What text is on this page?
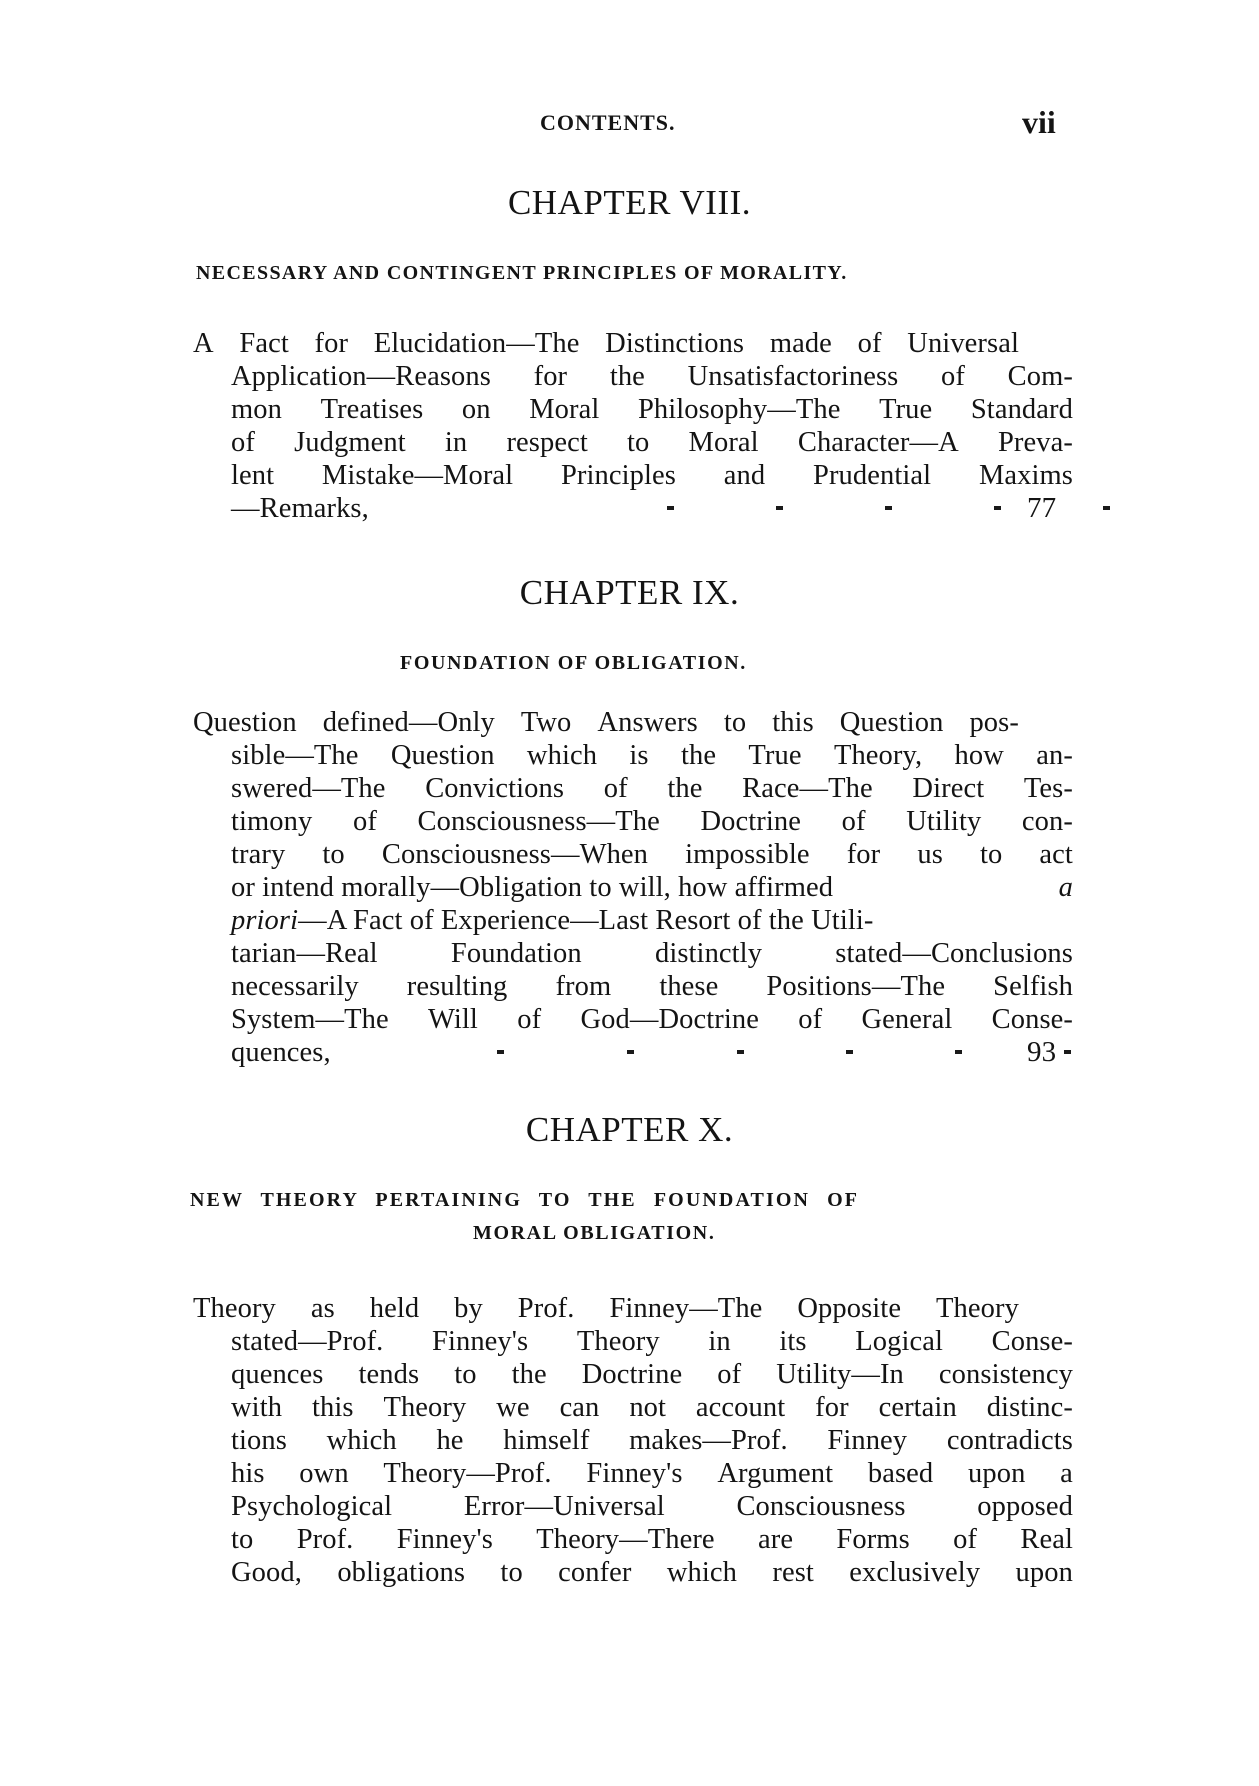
CONTENTS.	vii
CHAPTER VIII.
NECESSARY AND CONTINGENT PRINCIPLES OF MORALITY.
A Fact for Elucidation—The Distinctions made of Universal
Application—Reasons for the Unsatisfactoriness of Com-
mon Treatises on Moral Philosophy—The True Standard
of Judgment in respect to Moral Character—A Preva-
lent Mistake—Moral Principles and Prudential Maxims
—Remarks,	77
CHAPTER IX.
FOUNDATION OF OBLIGATION.
Question defined—Only Two Answers to this Question pos-
sible—The Question which is the True Theory, how an-
swered—The Convictions of the Race—The Direct Tes-
timony of Consciousness—The Doctrine of Utility con-
trary to Consciousness—When impossible for us to act
or intend morally—Obligation to will, how affirmed	a
priori—A Fact of Experience—Last Resort of the Utili-
tarian—Real	Foundation	distinctly	stated—Conclusions
necessarily resulting from these Positions—The Selfish
System—The Will of God—Doctrine of General Conse-
quences,	93
CHAPTER X.
NEW THEORY PERTAINING TO THE FOUNDATION OF
MORAL OBLIGATION.
Theory as held by Prof. Finney—The Opposite Theory
stated—Prof. Finney's Theory in its Logical Conse-
quences tends to the Doctrine of Utility—In consistency
with this Theory we can not account for certain distinc-
tions which he himself makes—Prof. Finney contradicts
his own Theory—Prof. Finney's Argument based upon a
Psychological	Error—Universal	Consciousness	opposed
to Prof. Finney's Theory—There are Forms of Real
Good, obligations to confer which rest exclusively upon
